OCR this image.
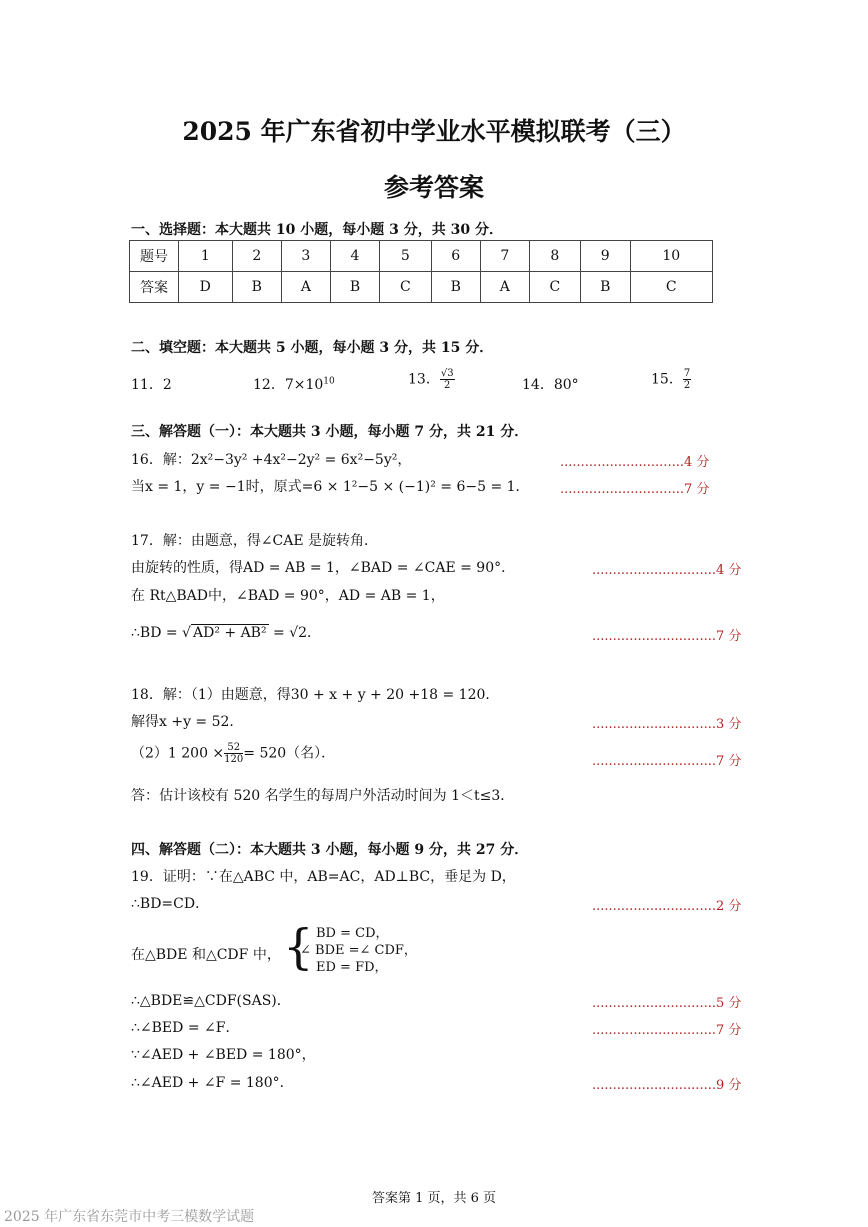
2025 年广东省初中学业水平模拟联考（三）
参考答案
一、选择题：本大题共 10 小题，每小题 3 分，共 30 分．
题号	1	2	3	4	5	6	7	8	9	10
答案	D	B	A	B	C	B	A	C	B	C
二、填空题：本大题共 5 小题，每小题 3 分，共 15 分．
11．2	12．$7\times 10^{10}$	13． $\frac{√3}{2}$	14．80°	15． $\frac{7}{2}$
三、解答题（一）：本大题共 3 小题，每小题 7 分，共 21 分．
16．解：2x²−3y² +4x²−2y² = 6x²−5y²，	..............................4 分
当x = 1，y = −1时，原式=6 × 1²−5 × (−1)² = 6−5 = 1． ..............................7 分
17．解：由题意，得∠CAE 是旋转角．
由旋转的性质，得AD = AB = 1，∠BAD = ∠CAE = 90°．	..............................4 分
在 Rt△BAD中，∠BAD = 90°，AD = AB = 1，
∴BD = √ AD² + AB² = √2．	..............................7 分
18．解：（1）由题意，得30 + x + y + 20 +18 = 120．
解得x +y = 52．	..............................3 分
（2）1 $200 \times \frac{52}{120} = 520$（名）．	..............................7 分
答：估计该校有 520 名学生的每周户外活动时间为 1＜t≤3．
四、解答题（二）：本大题共 3 小题，每小题 9 分，共 27 分．
19．证明：∵在△ABC 中，AB=AC，AD⊥BC，垂足为 D，
∴BD=CD．	..............................2 分
在△BDE 和△CDF 中， { BD = CD，
∠ BDE =∠ CDF，
ED = FD，
∴△BDE≌△CDF(SAS)．	..............................5 分
∴∠BED = ∠F．	..............................7 分
∵∠AED + ∠BED = 180°，
∴∠AED + ∠F = 180°．	..............................9 分
答案第 1 页，共 6 页
2025 年广东省东莞市中考三模数学试题
